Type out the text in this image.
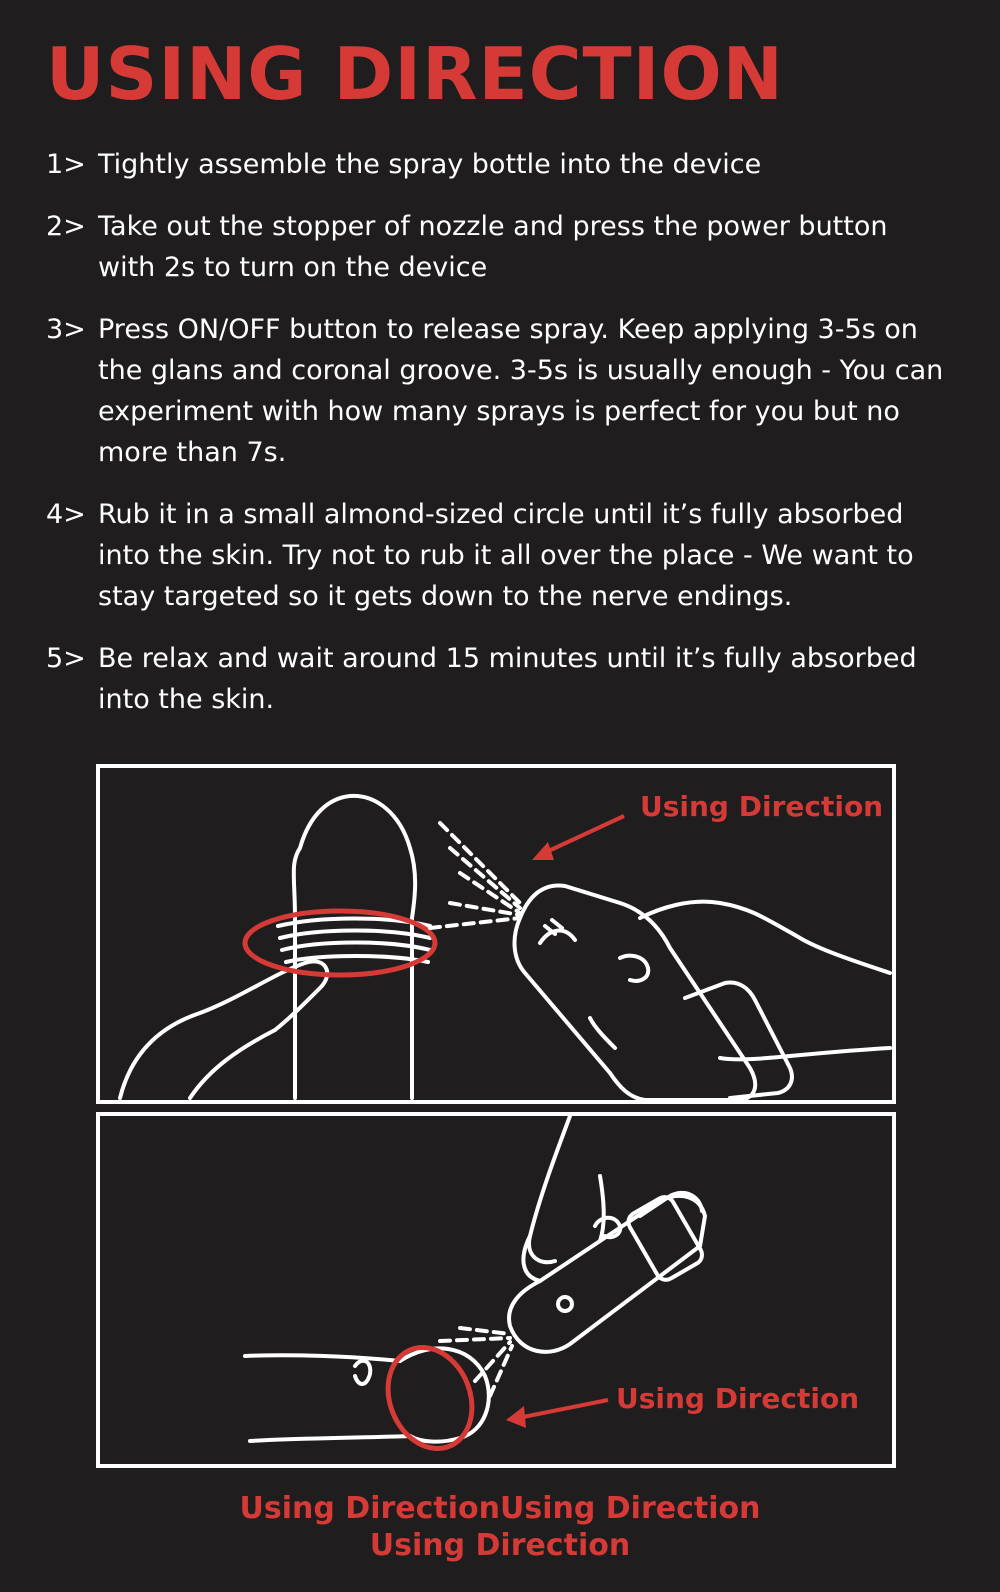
USING DIRECTION
1> Tightly assemble the spray bottle into the device
2> Take out the stopper of nozzle and press the power button with 2s to turn on the device
3> Press ON/OFF button to release spray. Keep applying 3-5s on the glans and coronal groove. 3-5s is usually enough - You can experiment with how many sprays is perfect for you but no more than 7s.
4> Rub it in a small almond-sized circle until it’s fully absorbed into the skin. Try not to rub it all over the place - We want to stay targeted so it gets down to the nerve endings.
5> Be relax and wait around 15 minutes until it’s fully absorbed into the skin.
Using Direction
Using Direction
Using DirectionUsing Direction
Using Direction
